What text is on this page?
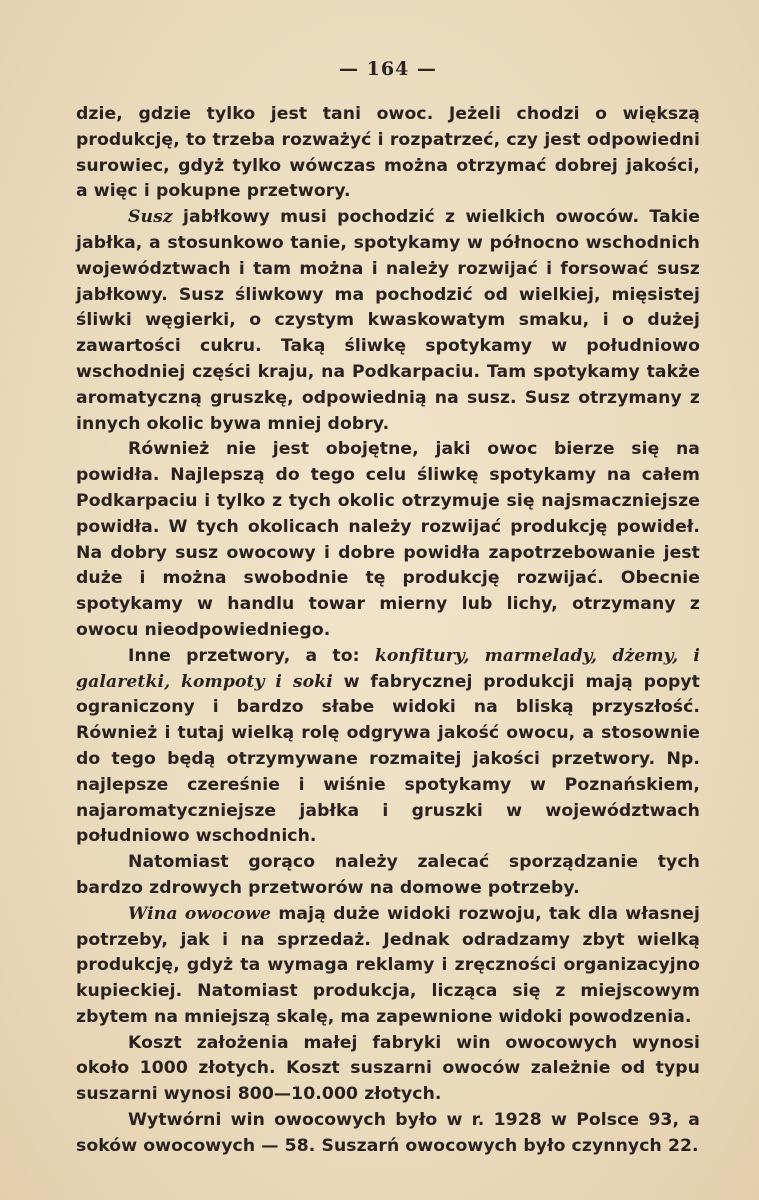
— 164 —

dzie, gdzie tylko jest tani owoc. Jeżeli chodzi o większą produkcję, to trzeba rozważyć i rozpatrzeć, czy jest odpowiedni surowiec, gdyż tylko wówczas można otrzymać dobrej jakości, a więc i pokupne przetwory.

Susz jabłkowy musi pochodzić z wielkich owoców. Takie jabłka, a stosunkowo tanie, spotykamy w północno wschodnich województwach i tam można i należy rozwijać i forsować susz jabłkowy. Susz śliwkowy ma pochodzić od wielkiej, mięsistej śliwki węgierki, o czystym kwaskowatym smaku, i o dużej zawartości cukru. Taką śliwkę spotykamy w południowo wschodniej części kraju, na Podkarpaciu. Tam spotykamy także aromatyczną gruszkę, odpowiednią na susz. Susz otrzymany z innych okolic bywa mniej dobry.

Również nie jest obojętne, jaki owoc bierze się na powidła. Najlepszą do tego celu śliwkę spotykamy na całem Podkarpaciu i tylko z tych okolic otrzymuje się najsmaczniejsze powidła. W tych okolicach należy rozwijać produkcję powideł. Na dobry susz owocowy i dobre powidła zapotrzebowanie jest duże i można swobodnie tę produkcję rozwijać. Obecnie spotykamy w handlu towar mierny lub lichy, otrzymany z owocu nieodpowiedniego.

Inne przetwory, a to: konfitury, marmelady, dżemy, i galaretki, kompoty i soki w fabrycznej produkcji mają popyt ograniczony i bardzo słabe widoki na bliską przyszłość. Również i tutaj wielką rolę odgrywa jakość owocu, a stosownie do tego będą otrzymywane rozmaitej jakości przetwory. Np. najlepsze czereśnie i wiśnie spotykamy w Poznańskiem, najaromatyczniejsze jabłka i gruszki w województwach południowo wschodnich.

Natomiast gorąco należy zalecać sporządzanie tych bardzo zdrowych przetworów na domowe potrzeby.

Wina owocowe mają duże widoki rozwoju, tak dla własnej potrzeby, jak i na sprzedaż. Jednak odradzamy zbyt wielką produkcję, gdyż ta wymaga reklamy i zręczności organizacyjno kupieckiej. Natomiast produkcja, licząca się z miejscowym zbytem na mniejszą skalę, ma zapewnione widoki powodzenia.

Koszt założenia małej fabryki win owocowych wynosi około 1000 złotych. Koszt suszarni owoców zależnie od typu suszarni wynosi 800—10.000 złotych.

Wytwórni win owocowych było w r. 1928 w Polsce 93, a soków owocowych — 58. Suszarń owocowych było czynnych 22.
